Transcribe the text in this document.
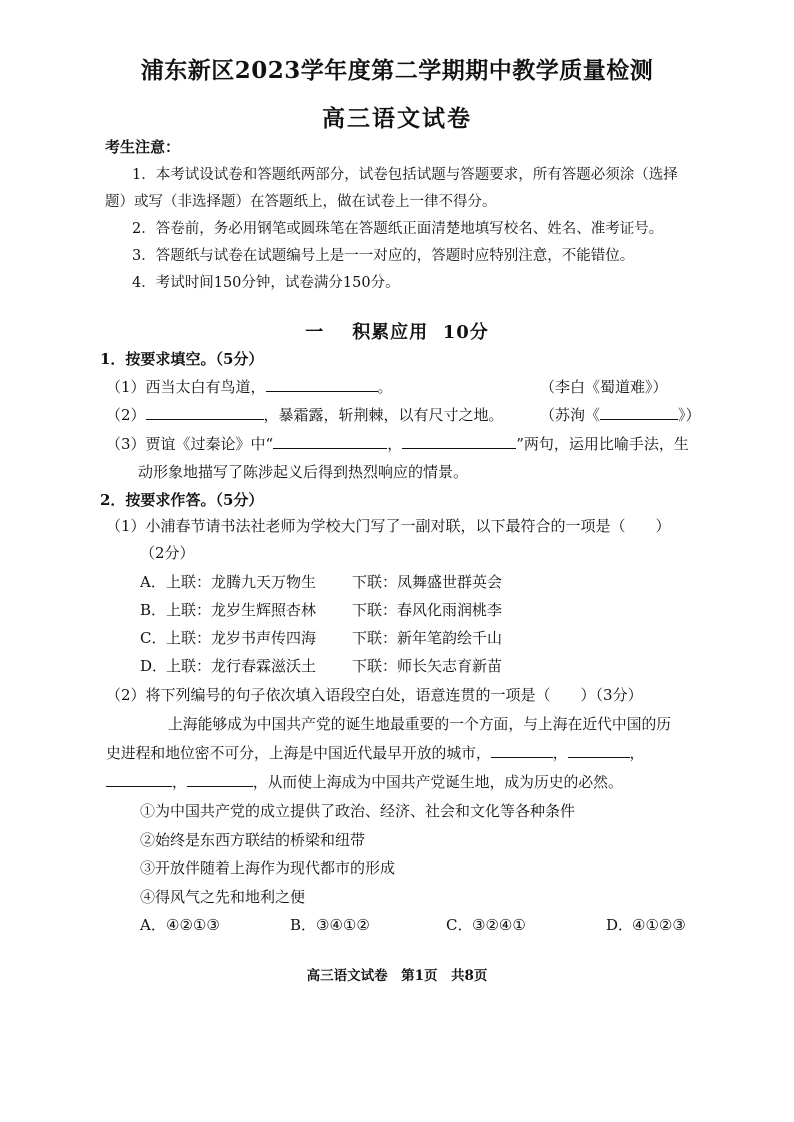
浦东新区2023学年度第二学期期中教学质量检测
高三语文试卷
考生注意：
1．本考试设试卷和答题纸两部分，试卷包括试题与答题要求，所有答题必须涂（选择
题）或写（非选择题）在答题纸上，做在试卷上一律不得分。
2．答卷前，务必用钢笔或圆珠笔在答题纸正面清楚地填写校名、姓名、准考证号。
3．答题纸与试卷在试题编号上是一一对应的，答题时应特别注意，不能错位。
4．考试时间150分钟，试卷满分150分。
一 积累应用 10分
1．按要求填空。（5分）
（1）西当太白有鸟道，	。	（李白《蜀道难》）
（2）	，暴霜露，斩荆棘，以有尺寸之地。 （苏洵《	》）
（3）贾谊《过秦论》中“	，	”两句，运用比喻手法，生
动形象地描写了陈涉起义后得到热烈响应的情景。
2．按要求作答。（5分）
（1）小浦春节请书法社老师为学校大门写了一副对联，以下最符合的一项是（　　）
（2分）
A．上联：龙腾九天万物生 下联：凤舞盛世群英会
B．上联：龙岁生辉照杏林 下联：春风化雨润桃李
C．上联：龙岁书声传四海 下联：新年笔韵绘千山
D．上联：龙行春霖滋沃土 下联：师长矢志育新苗
（2）将下列编号的句子依次填入语段空白处，语意连贯的一项是（　　）（3分）
上海能够成为中国共产党的诞生地最重要的一个方面，与上海在近代中国的历
史进程和地位密不可分，上海是中国近代最早开放的城市，	，	，
，	，从而使上海成为中国共产党诞生地，成为历史的必然。
①为中国共产党的成立提供了政治、经济、社会和文化等各种条件
②始终是东西方联结的桥梁和纽带
③开放伴随着上海作为现代都市的形成
④得风气之先和地利之便
A．④②①③	B．③④①②	C．③②④①	D．④①②③
高三语文试卷　第1页　共8页
